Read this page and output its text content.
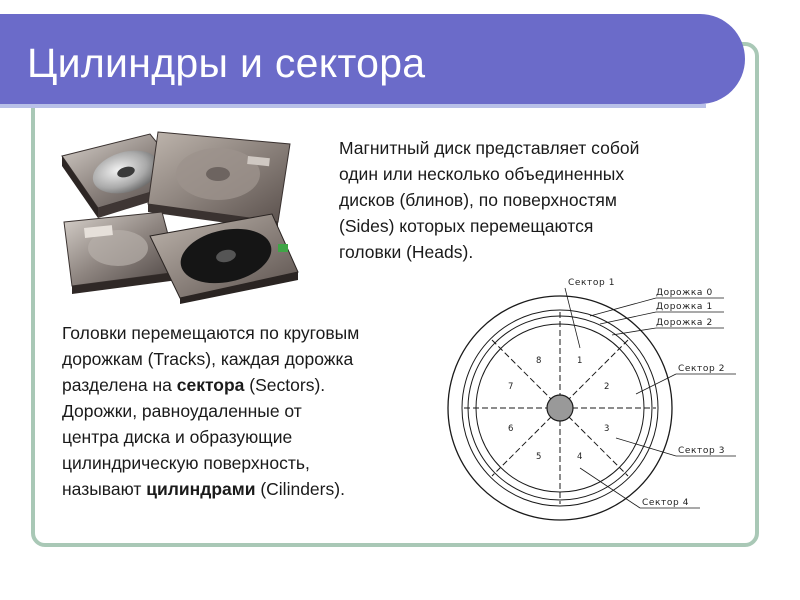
Цилиндры и сектора
Магнитный диск представляет собой
один или несколько объединенных
дисков (блинов), по поверхностям
(Sides) которых перемещаются
головки (Heads).
Головки перемещаются по круговым
дорожкам (Tracks), каждая дорожка
разделена на сектора (Sectors).
Дорожки, равноудаленные от
центра диска и образующие
цилиндрическую поверхность,
называют цилиндрами (Cilinders).
1
2
3
4
5
6
7
8
Сектор 1
Дорожка 0
Дорожка 1
Дорожка 2
Сектор 2
Сектор 3
Сектор 4
